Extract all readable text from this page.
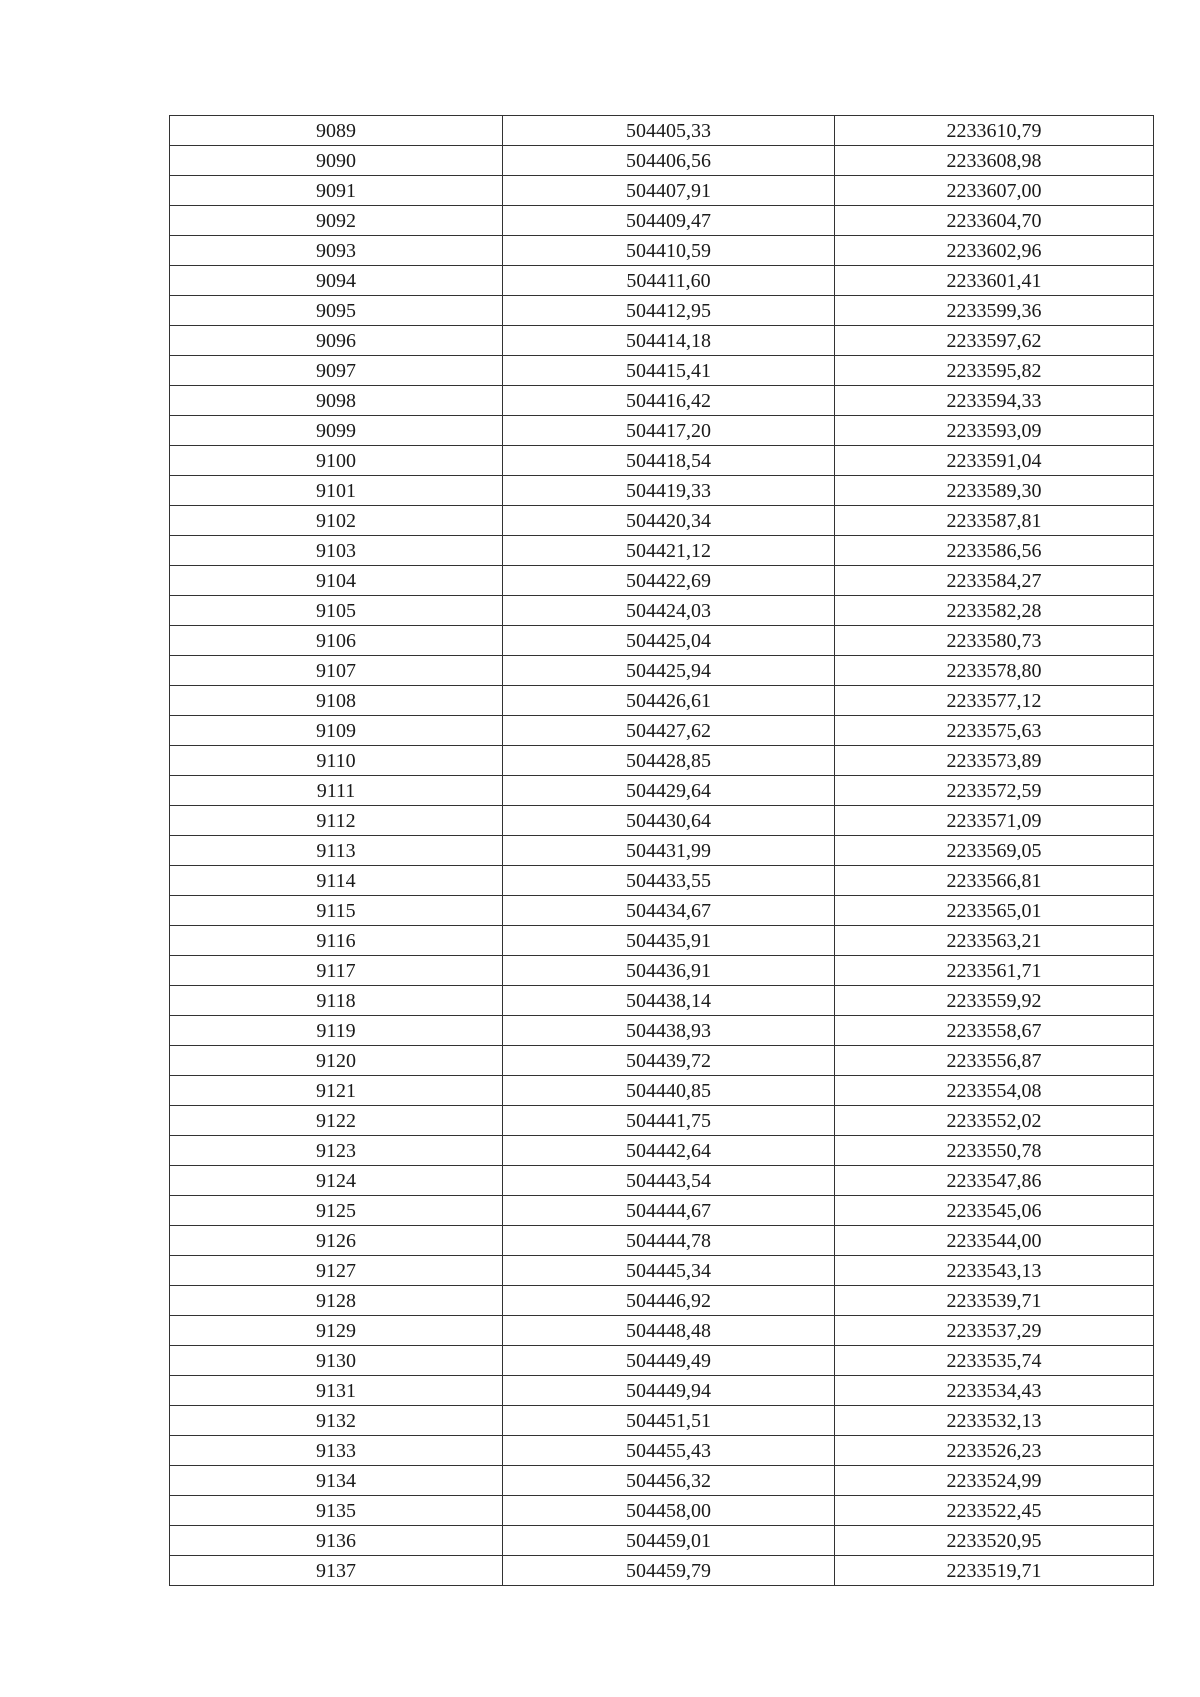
9089	504405,33	2233610,79
9090	504406,56	2233608,98
9091	504407,91	2233607,00
9092	504409,47	2233604,70
9093	504410,59	2233602,96
9094	504411,60	2233601,41
9095	504412,95	2233599,36
9096	504414,18	2233597,62
9097	504415,41	2233595,82
9098	504416,42	2233594,33
9099	504417,20	2233593,09
9100	504418,54	2233591,04
9101	504419,33	2233589,30
9102	504420,34	2233587,81
9103	504421,12	2233586,56
9104	504422,69	2233584,27
9105	504424,03	2233582,28
9106	504425,04	2233580,73
9107	504425,94	2233578,80
9108	504426,61	2233577,12
9109	504427,62	2233575,63
9110	504428,85	2233573,89
9111	504429,64	2233572,59
9112	504430,64	2233571,09
9113	504431,99	2233569,05
9114	504433,55	2233566,81
9115	504434,67	2233565,01
9116	504435,91	2233563,21
9117	504436,91	2233561,71
9118	504438,14	2233559,92
9119	504438,93	2233558,67
9120	504439,72	2233556,87
9121	504440,85	2233554,08
9122	504441,75	2233552,02
9123	504442,64	2233550,78
9124	504443,54	2233547,86
9125	504444,67	2233545,06
9126	504444,78	2233544,00
9127	504445,34	2233543,13
9128	504446,92	2233539,71
9129	504448,48	2233537,29
9130	504449,49	2233535,74
9131	504449,94	2233534,43
9132	504451,51	2233532,13
9133	504455,43	2233526,23
9134	504456,32	2233524,99
9135	504458,00	2233522,45
9136	504459,01	2233520,95
9137	504459,79	2233519,71
